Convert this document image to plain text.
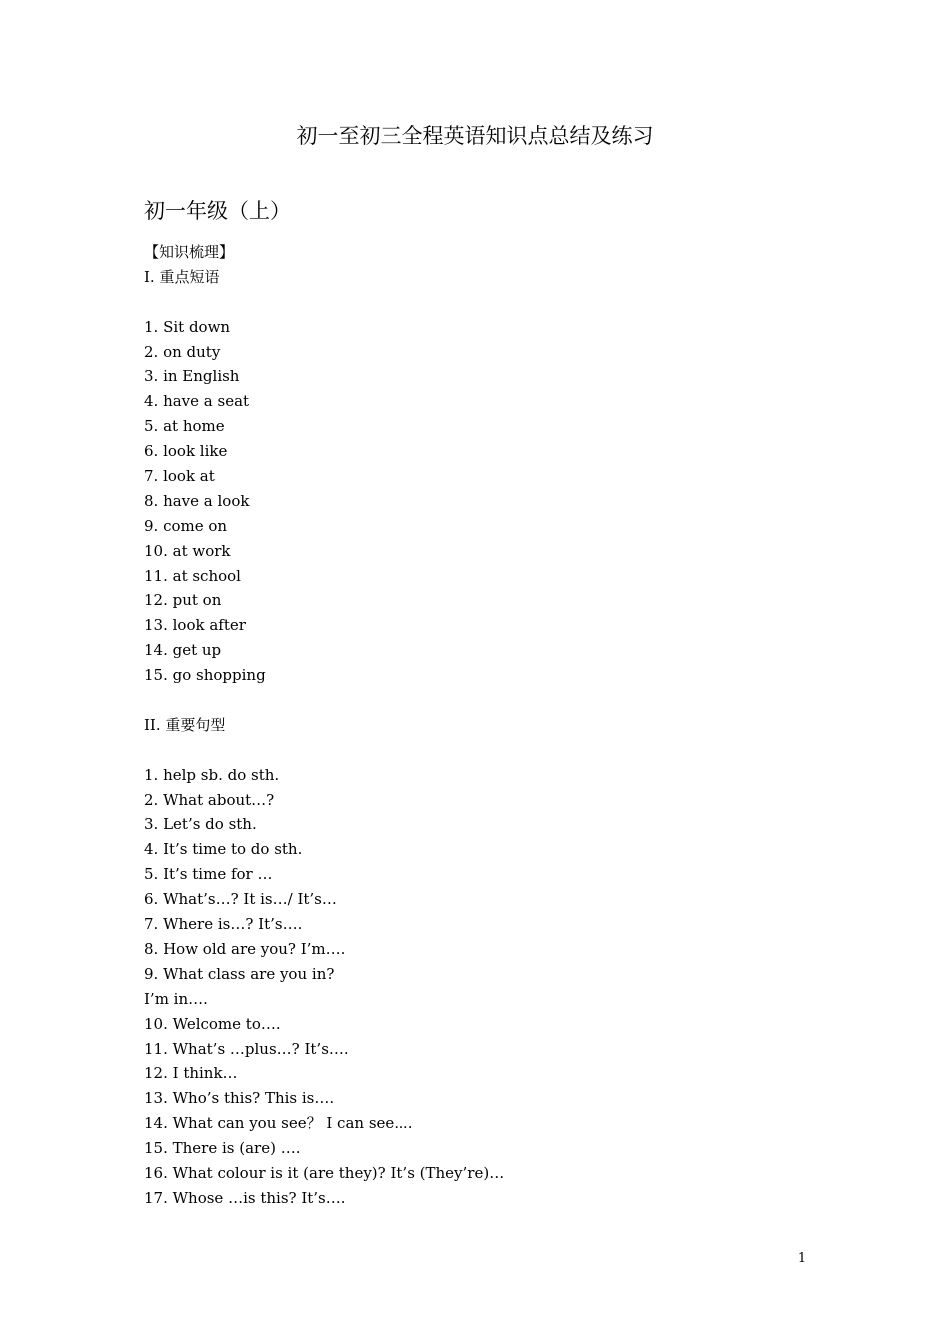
初一至初三全程英语知识点总结及练习
初一年级（上）
【知识梳理】
I. 重点短语
1. Sit down
2. on duty
3. in English
4. have a seat
5. at home
6. look like
7. look at
8. have a look
9. come on
10. at work
11. at school
12. put on
13. look after
14. get up
15. go shopping
II. 重要句型
1. help sb. do sth.
2. What about…?
3. Let’s do sth.
4. It’s time to do sth.
5. It’s time for …
6. What’s…? It is…/ It’s…
7. Where is…? It’s….
8. How old are you? I’m….
9. What class are you in?
I’m in….
10. Welcome to….
11. What’s …plus…? It’s….
12. I think…
13. Who’s this? This is….
14. What can you see？ I can see⋯.
15. There is (are) ….
16. What colour is it (are they)? It’s (They’re)…
17. Whose …is this? It’s….
1
